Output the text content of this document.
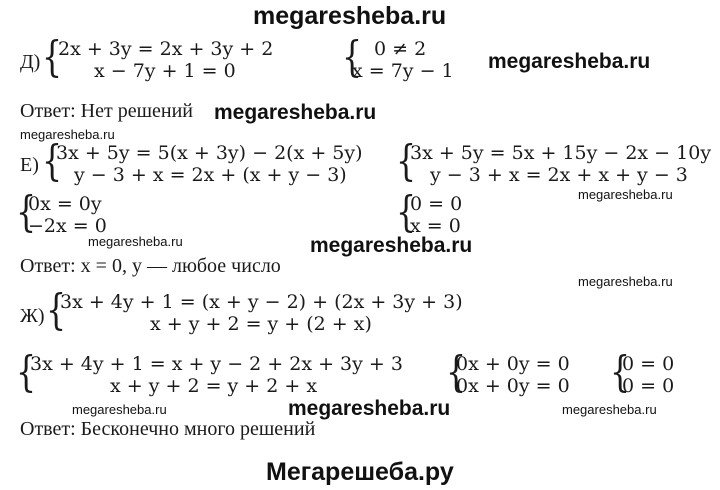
megaresheba.ru
Д) {
2x + 3y = 2x + 3y + 2
x − 7y + 1 = 0	{ 0 ≠ 2
x = 7y − 1 megaresheba.ru
Ответ: Нет решений megaresheba.ru
megaresheba.ru
Е) {
3x + 5y = 5(x + 3y) − 2(x + 5y)
y − 3 + x = 2x + (x + y − 3)	{
3x + 5y = 5x + 15y − 2x − 10y
y − 3 + x = 2x + x + y − 3
megaresheba.ru
{
0x = 0y
−2x = 0
megaresheba.ru
{
0 = 0
x = 0
megaresheba.ru
Ответ: x = 0, y — любое число
megaresheba.ru
Ж) {
3x + 4y + 1 = (x + y − 2) + (2x + 3y + 3)
x + y + 2 = y + (2 + x)
{
3x + 4y + 1 = x + y − 2 + 2x + 3y + 3
x + y + 2 = y + 2 + x	{
0x + 0y = 0
0x + 0y = 0 {
0 = 0
0 = 0
megaresheba.ru	megaresheba.ru	megaresheba.ru
Ответ: Бесконечно много решений
Мегарешеба.ру
